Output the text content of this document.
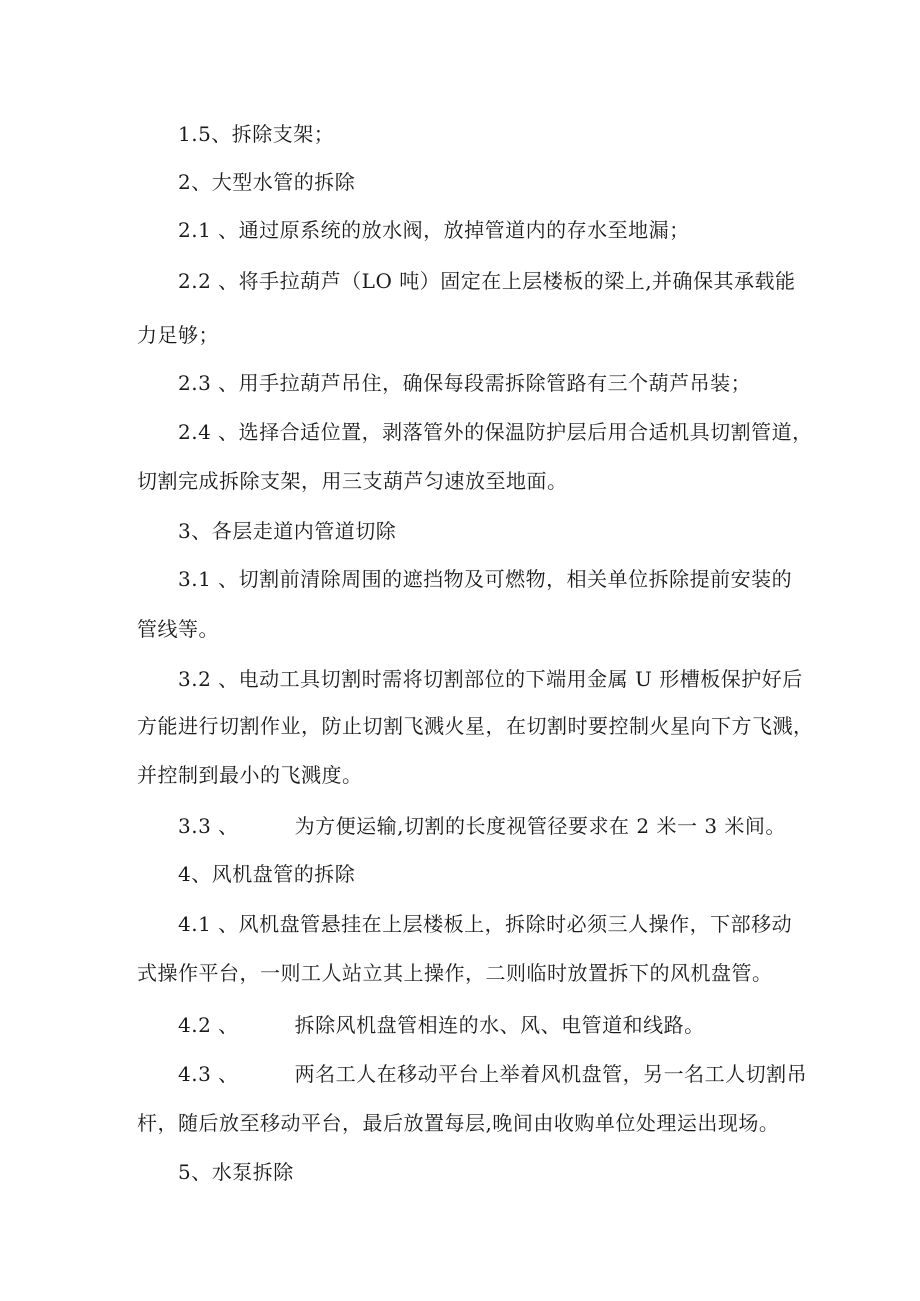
1.5、拆除支架；
2、大型水管的拆除
2.1 、通过原系统的放水阀，放掉管道内的存水至地漏；
2.2 、将手拉葫芦（LO 吨）固定在上层楼板的梁上,并确保其承载能
力足够；
2.3 、用手拉葫芦吊住，确保每段需拆除管路有三个葫芦吊装；
2.4 、选择合适位置，剥落管外的保温防护层后用合适机具切割管道，
切割完成拆除支架，用三支葫芦匀速放至地面。
3、各层走道内管道切除
3.1 、切割前清除周围的遮挡物及可燃物，相关单位拆除提前安装的
管线等。
3.2 、电动工具切割时需将切割部位的下端用金属 U 形槽板保护好后
方能进行切割作业，防止切割飞溅火星，在切割时要控制火星向下方飞溅，
并控制到最小的飞溅度。
3.3 、	为方便运输,切割的长度视管径要求在 2 米一 3 米间。
4、风机盘管的拆除
4.1 、风机盘管悬挂在上层楼板上，拆除时必须三人操作，下部移动
式操作平台，一则工人站立其上操作，二则临时放置拆下的风机盘管。
4.2 、	拆除风机盘管相连的水、风、电管道和线路。
4.3 、	两名工人在移动平台上举着风机盘管，另一名工人切割吊
杆，随后放至移动平台，最后放置每层,晚间由收购单位处理运出现场。
5、水泵拆除
